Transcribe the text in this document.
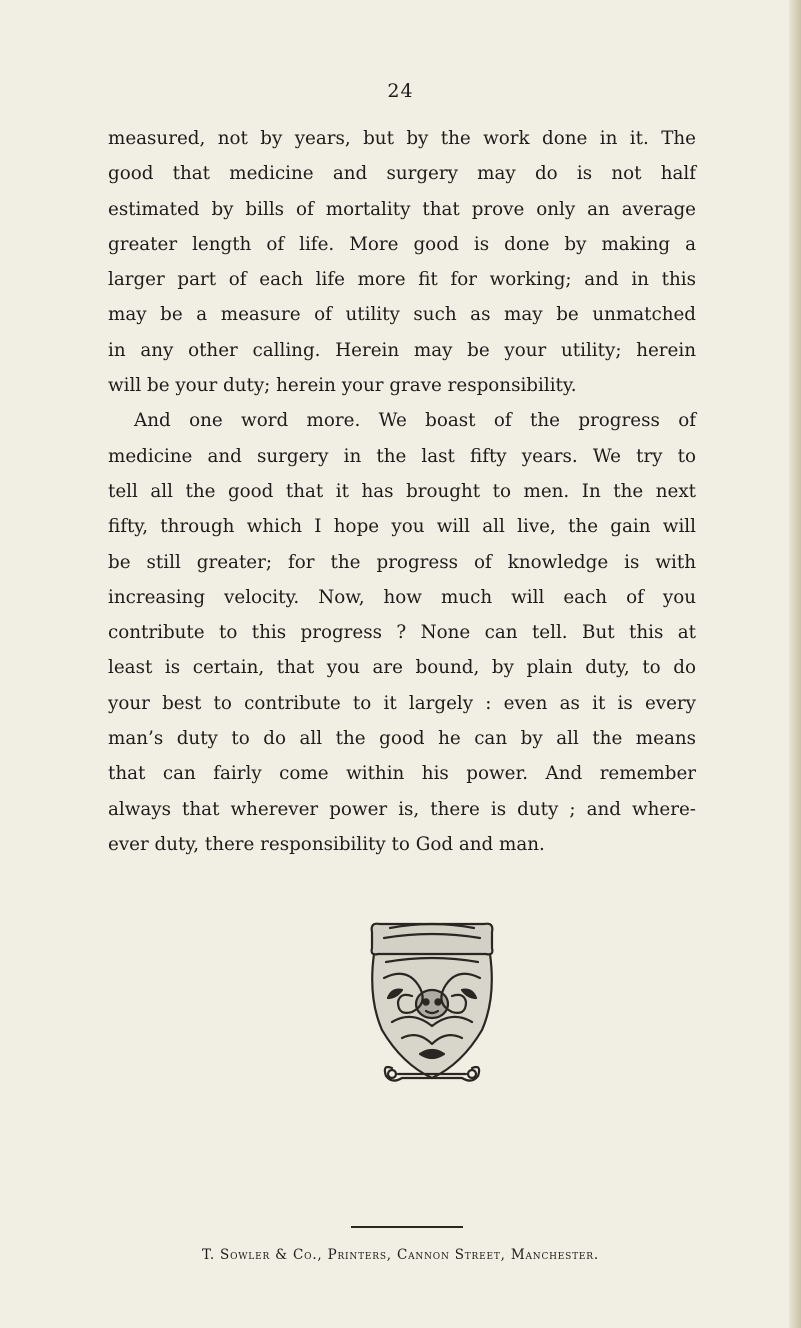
24

measured, not by years, but by the work done in it. The
good that medicine and surgery may do is not half
estimated by bills of mortality that prove only an average
greater length of life. More good is done by making a
larger part of each life more fit for working; and in this
may be a measure of utility such as may be unmatched
in any other calling. Herein may be your utility; herein
will be your duty; herein your grave responsibility.

And one word more. We boast of the progress of
medicine and surgery in the last fifty years. We try to
tell all the good that it has brought to men. In the next
fifty, through which I hope you will all live, the gain will
be still greater; for the progress of knowledge is with
increasing velocity. Now, how much will each of you
contribute to this progress ? None can tell. But this at
least is certain, that you are bound, by plain duty, to do
your best to contribute to it largely : even as it is every
man’s duty to do all the good he can by all the means
that can fairly come within his power. And remember
always that wherever power is, there is duty ; and where-
ever duty, there responsibility to God and man.

T. Sowler & Co., Printers, Cannon Street, Manchester.
